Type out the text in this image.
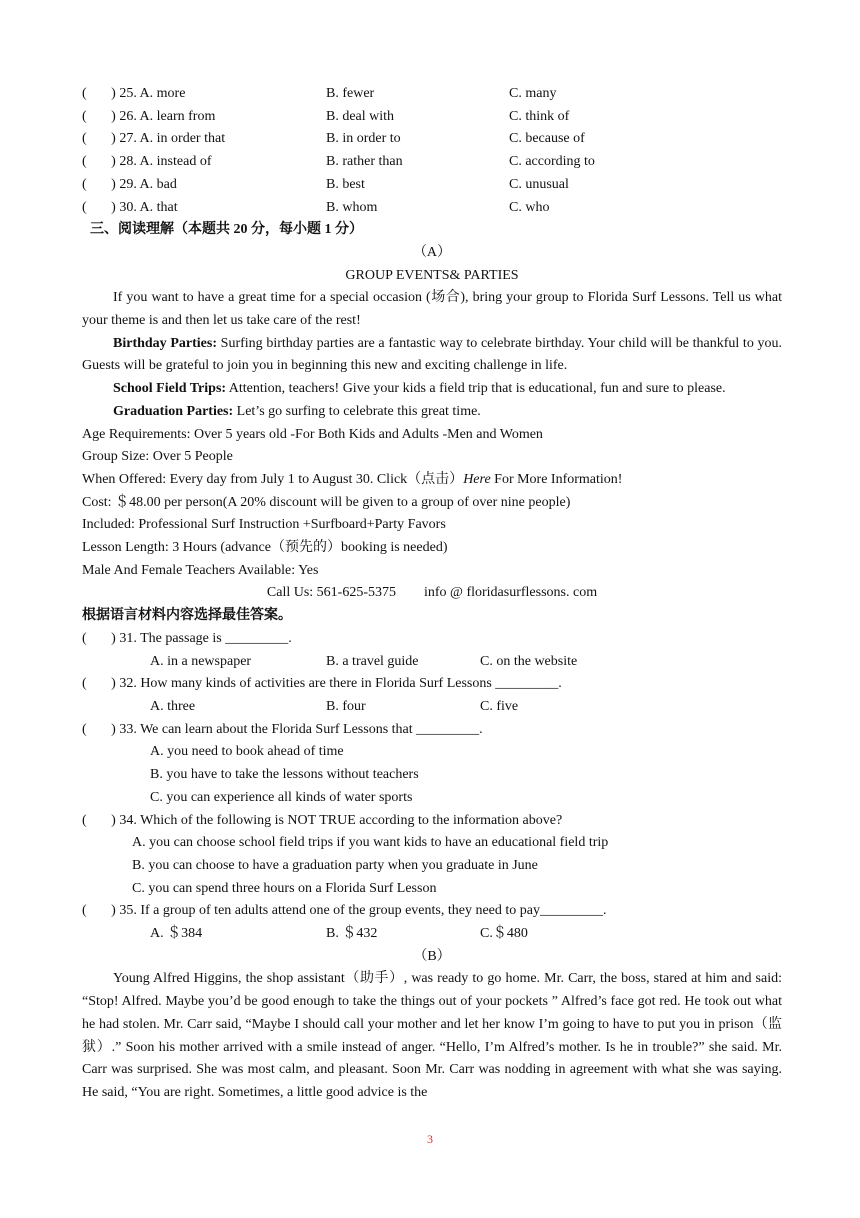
(       ) 25. A. more	B. fewer	C. many
(       ) 26. A. learn from	B. deal with	C. think of
(       ) 27. A. in order that	B. in order to	C. because of
(       ) 28. A. instead of	B. rather than	C. according to
(       ) 29. A. bad	B. best	C. unusual
(       ) 30. A. that	B. whom	C. who
三、阅读理解（本题共 20 分，每小题 1 分）
（A）
GROUP EVENTS& PARTIES
If you want to have a great time for a special occasion (场合), bring your group to Florida Surf Lessons. Tell us what your theme is and then let us take care of the rest!
Birthday Parties: Surfing birthday parties are a fantastic way to celebrate birthday. Your child will be thankful to you. Guests will be grateful to join you in beginning this new and exciting challenge in life.
School Field Trips: Attention, teachers! Give your kids a field trip that is educational, fun and sure to please.
Graduation Parties: Let’s go surfing to celebrate this great time.
Age Requirements: Over 5 years old -For Both Kids and Adults -Men and Women
Group Size: Over 5 People
When Offered: Every day from July 1 to August 30. Click（点击）Here For More Information!
Cost: ＄48.00 per person(A 20% discount will be given to a group of over nine people)
Included: Professional Surf Instruction +Surfboard+Party Favors
Lesson Length: 3 Hours (advance（预先的）booking is needed)
Male And Female Teachers Available: Yes
Call Us: 561-625-5375 info @ floridasurflessons. com
根据语言材料内容选择最佳答案。
(       ) 31. The passage is _________.
A. in a newspaper	B. a travel guide	C. on the website
(       ) 32. How many kinds of activities are there in Florida Surf Lessons _________.
A. three	B. four	C. five
(       ) 33. We can learn about the Florida Surf Lessons that _________.
A. you need to book ahead of time
B. you have to take the lessons without teachers
C. you can experience all kinds of water sports
(       ) 34. Which of the following is NOT TRUE according to the information above?
A. you can choose school field trips if you want kids to have an educational field trip
B. you can choose to have a graduation party when you graduate in June
C. you can spend three hours on a Florida Surf Lesson
(       ) 35. If a group of ten adults attend one of the group events, they need to pay_________.
A. ＄384	B. ＄432	C.＄480
（B）
Young Alfred Higgins, the shop assistant（助手）, was ready to go home. Mr. Carr, the boss, stared at him and said: “Stop! Alfred. Maybe you’d be good enough to take the things out of your pockets ” Alfred’s face got red. He took out what he had stolen. Mr. Carr said, “Maybe I should call your mother and let her know I’m going to have to put you in prison（监狱）.” Soon his mother arrived with a smile instead of anger. “Hello, I’m Alfred’s mother. Is he in trouble?” she said. Mr. Carr was surprised. She was most calm, and pleasant. Soon Mr. Carr was nodding in agreement with what she was saying. He said, “You are right. Sometimes, a little good advice is the
3
